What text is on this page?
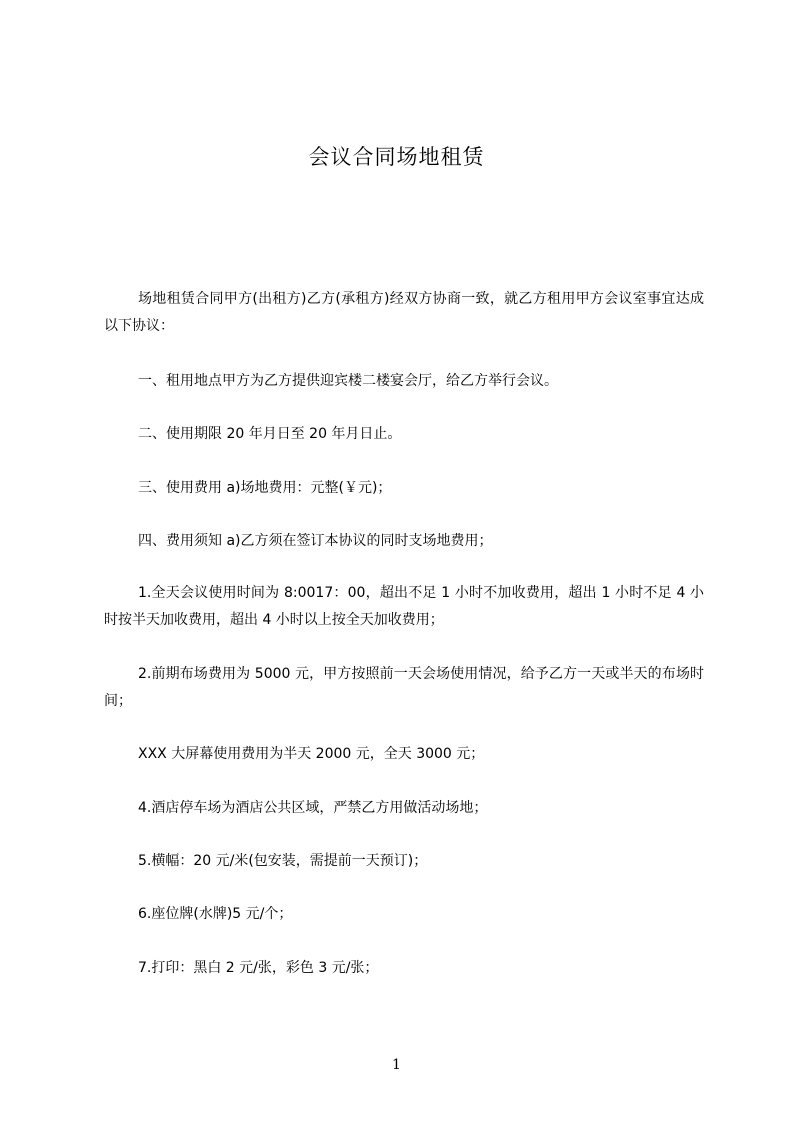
会议合同场地租赁
场地租赁合同甲方(出租方)乙方(承租方)经双方协商一致，就乙方租用甲方会议室事宜达成以下协议：
一、租用地点甲方为乙方提供迎宾楼二楼宴会厅，给乙方举行会议。
二、使用期限 20 年月日至 20 年月日止。
三、使用费用 a)场地费用：元整(￥元)；
四、费用须知 a)乙方须在签订本协议的同时支场地费用；
1.全天会议使用时间为 8:0017：00，超出不足 1 小时不加收费用，超出 1 小时不足 4 小时按半天加收费用，超出 4 小时以上按全天加收费用；
2.前期布场费用为 5000 元，甲方按照前一天会场使用情况，给予乙方一天或半天的布场时间；
XXX 大屏幕使用费用为半天 2000 元，全天 3000 元；
4.酒店停车场为酒店公共区域，严禁乙方用做活动场地；
5.横幅：20 元/米(包安装，需提前一天预订)；
6.座位牌(水牌)5 元/个；
7.打印：黑白 2 元/张，彩色 3 元/张；
1
